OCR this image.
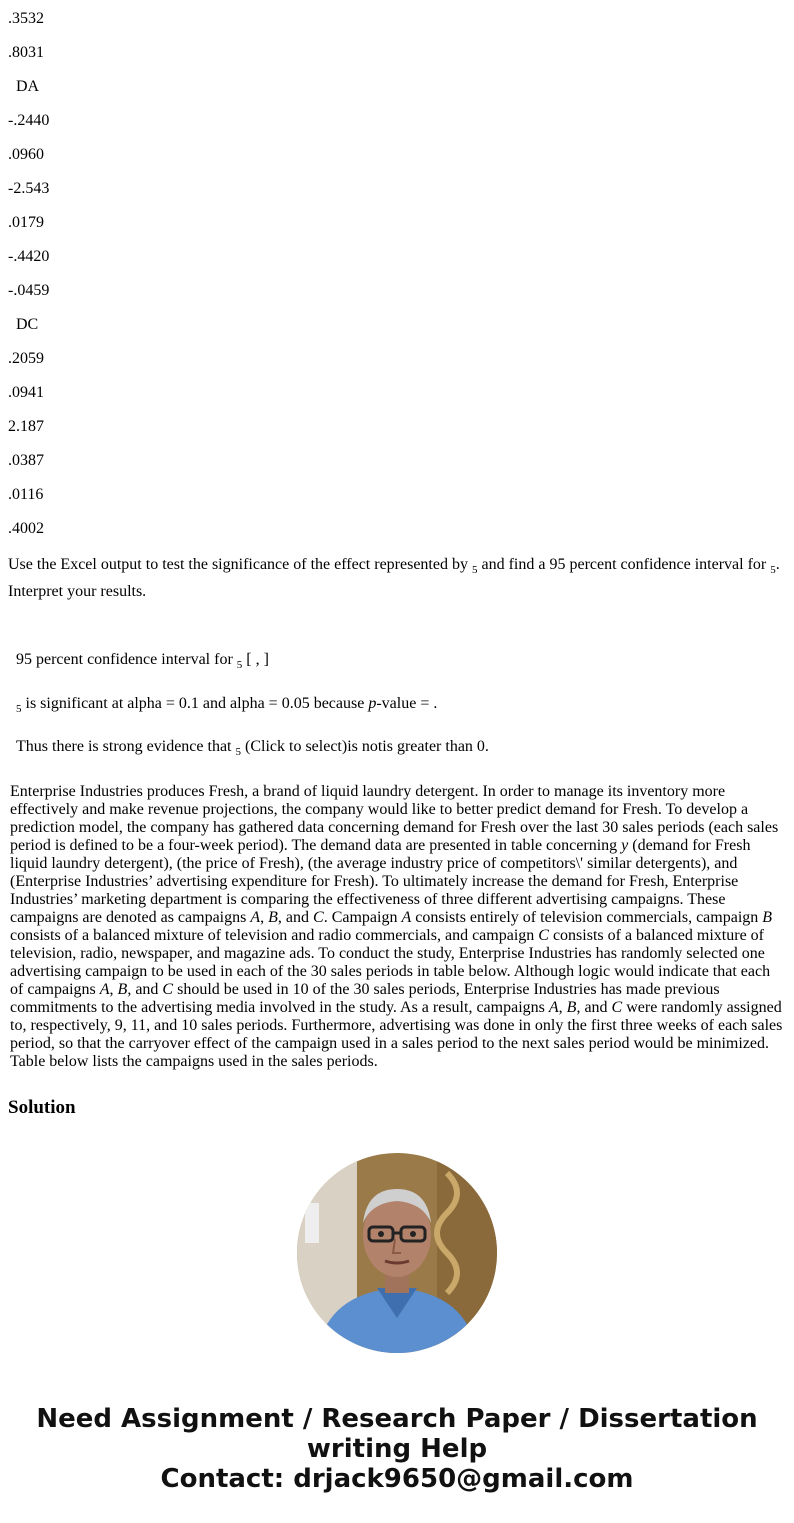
.3532

.8031

DA

-.2440

.0960

-2.543

.0179

-.4420

-.0459

DC

.2059

.0941

2.187

.0387

.0116

.4002

Use the Excel output to test the significance of the effect represented by $_5$ and find a 95 percent confidence interval for $_5$. Interpret your results.

95 percent confidence interval for $_5$ [ , ]

$_5$ is significant at alpha = 0.1 and alpha = 0.05 because p-value = .

Thus there is strong evidence that $_5$ (Click to select)is notis greater than 0.

Enterprise Industries produces Fresh, a brand of liquid laundry detergent. In order to manage its inventory more effectively and make revenue projections, the company would like to better predict demand for Fresh. To develop a prediction model, the company has gathered data concerning demand for Fresh over the last 30 sales periods (each sales period is defined to be a four-week period). The demand data are presented in table concerning y (demand for Fresh liquid laundry detergent), (the price of Fresh), (the average industry price of competitors\' similar detergents), and (Enterprise Industries’ advertising expenditure for Fresh). To ultimately increase the demand for Fresh, Enterprise Industries’ marketing department is comparing the effectiveness of three different advertising campaigns. These campaigns are denoted as campaigns A, B, and C. Campaign A consists entirely of television commercials, campaign B consists of a balanced mixture of television and radio commercials, and campaign C consists of a balanced mixture of television, radio, newspaper, and magazine ads. To conduct the study, Enterprise Industries has randomly selected one advertising campaign to be used in each of the 30 sales periods in table below. Although logic would indicate that each of campaigns A, B, and C should be used in 10 of the 30 sales periods, Enterprise Industries has made previous commitments to the advertising media involved in the study. As a result, campaigns A, B, and C were randomly assigned to, respectively, 9, 11, and 10 sales periods. Furthermore, advertising was done in only the first three weeks of each sales period, so that the carryover effect of the campaign used in a sales period to the next sales period would be minimized. Table below lists the campaigns used in the sales periods.

Solution
Need Assignment / Research Paper / Dissertation
writing Help
Contact: drjack9650@gmail.com
